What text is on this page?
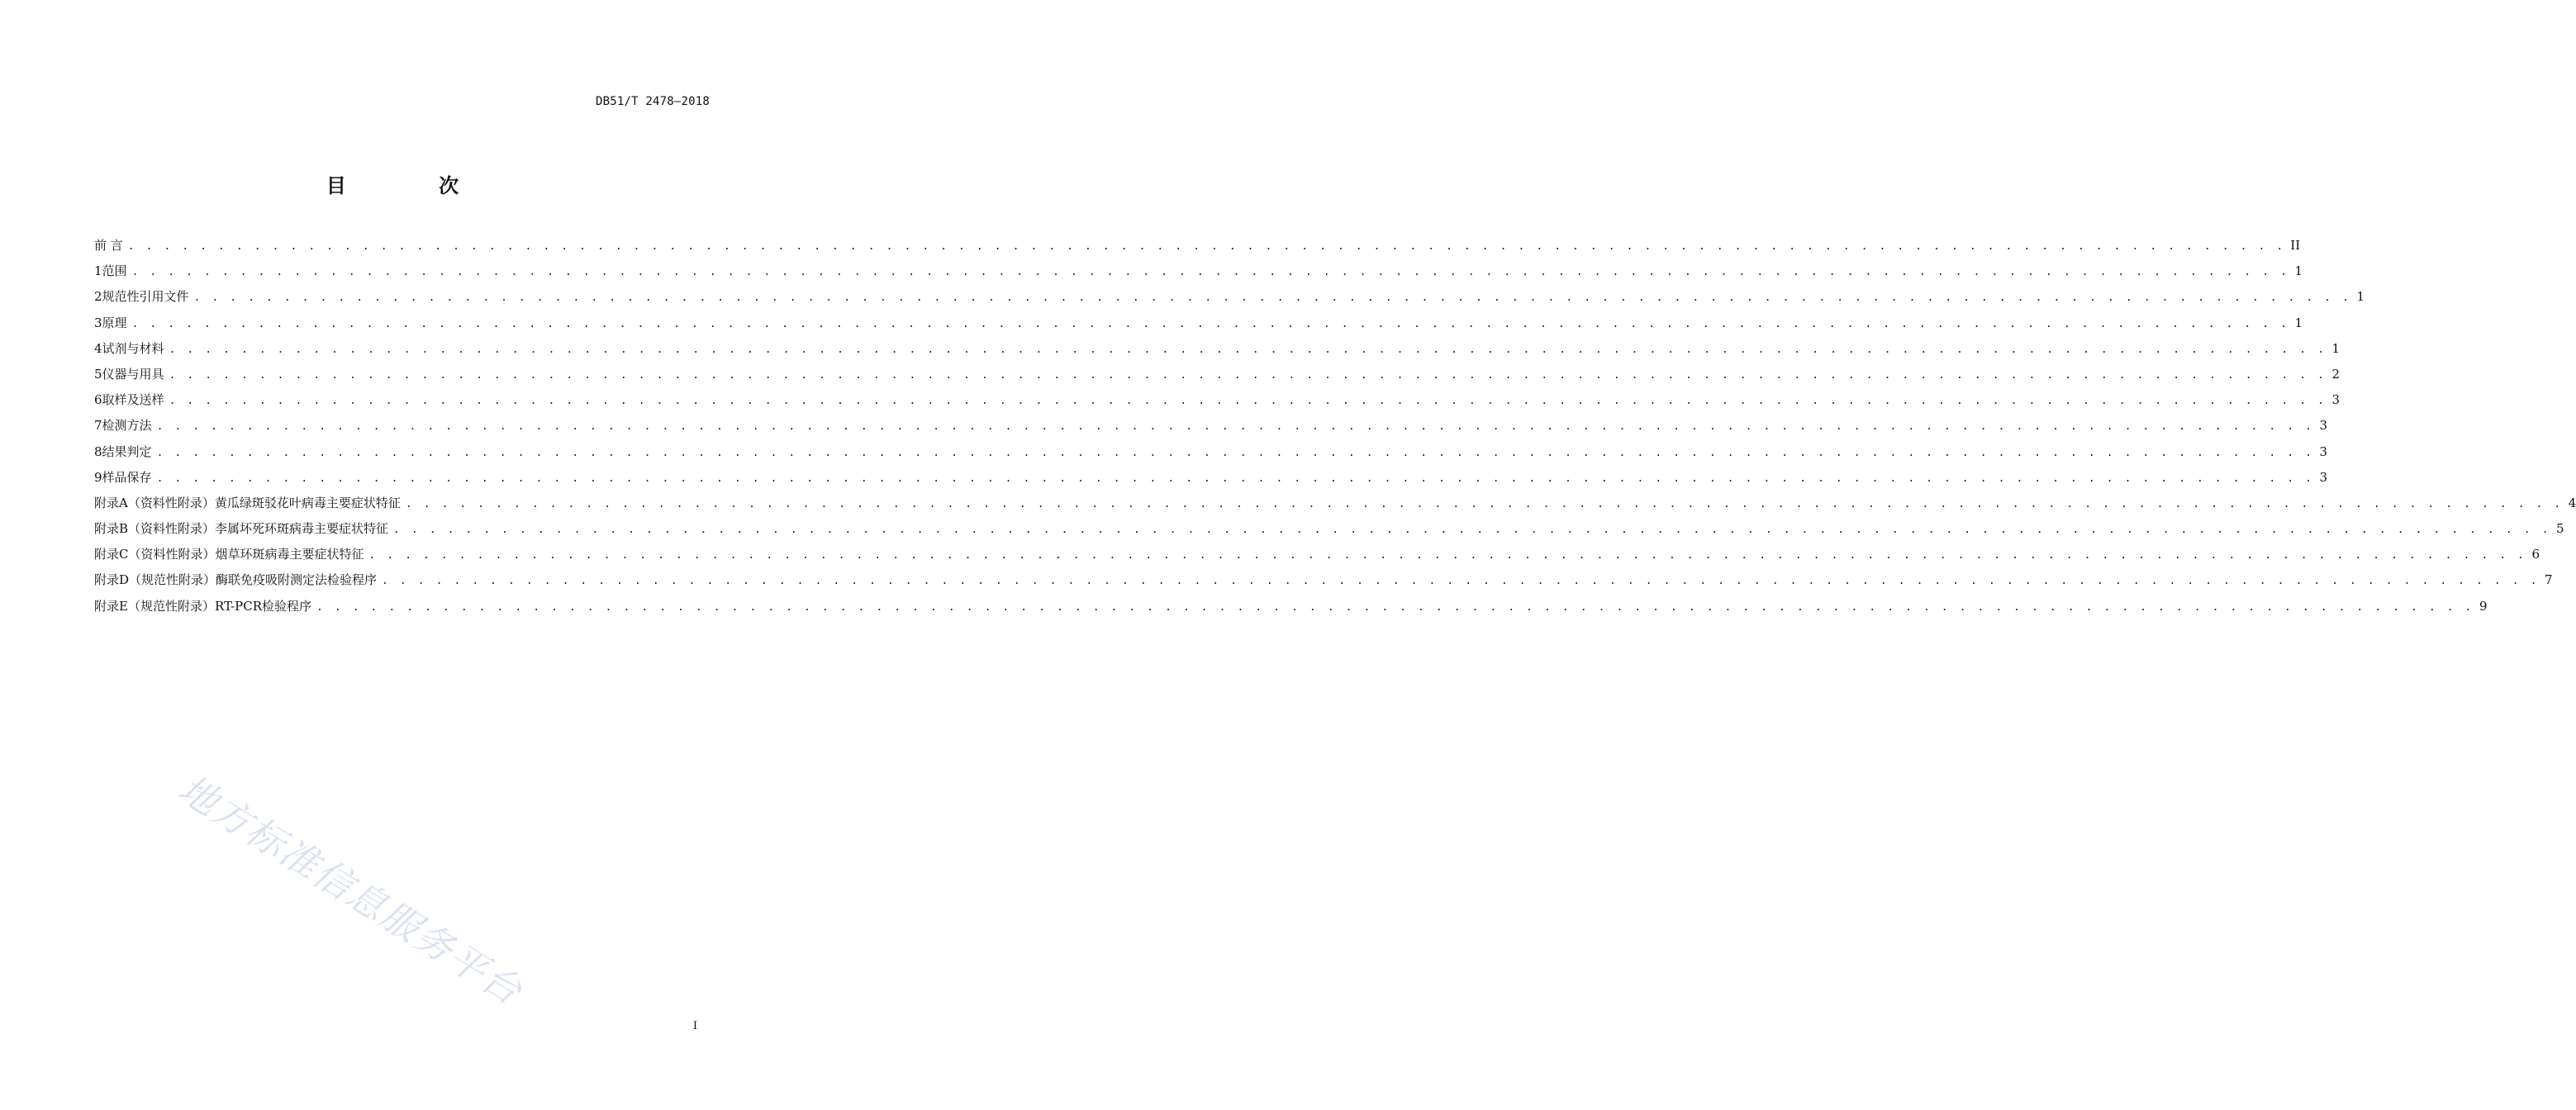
DB51/T 2478—2018
目 次
前 言 . . . . . . . . . . . . . . . . . . . . . . . . . . . . . . . . . . . . . . . . . . . . . . . . . . . . . . . . . . . . . . . . . . . . . . . . . . . . . . . . . . . . . . . . . . . . . . . . . . . . . . . . . . . . . . . . . . . . . . . . II
1 范围 . . . . . . . . . . . . . . . . . . . . . . . . . . . . . . . . . . . . . . . . . . . . . . . . . . . . . . . . . . . . . . . . . . . . . . . . . . . . . . . . . . . . . . . . . . . . . . . . . . . . . . . . . . . . . . . . . . . . . . . . 1
2 规范性引用文件 . . . . . . . . . . . . . . . . . . . . . . . . . . . . . . . . . . . . . . . . . . . . . . . . . . . . . . . . . . . . . . . . . . . . . . . . . . . . . . . . . . . . . . . . . . . . . . . . . . . . . . . . . . . . . . . . . . . . . . . . 1
3 原理 . . . . . . . . . . . . . . . . . . . . . . . . . . . . . . . . . . . . . . . . . . . . . . . . . . . . . . . . . . . . . . . . . . . . . . . . . . . . . . . . . . . . . . . . . . . . . . . . . . . . . . . . . . . . . . . . . . . . . . . . 1
4 试剂与材料 . . . . . . . . . . . . . . . . . . . . . . . . . . . . . . . . . . . . . . . . . . . . . . . . . . . . . . . . . . . . . . . . . . . . . . . . . . . . . . . . . . . . . . . . . . . . . . . . . . . . . . . . . . . . . . . . . . . . . . . . 1
5 仪器与用具 . . . . . . . . . . . . . . . . . . . . . . . . . . . . . . . . . . . . . . . . . . . . . . . . . . . . . . . . . . . . . . . . . . . . . . . . . . . . . . . . . . . . . . . . . . . . . . . . . . . . . . . . . . . . . . . . . . . . . . . . 2
6 取样及送样 . . . . . . . . . . . . . . . . . . . . . . . . . . . . . . . . . . . . . . . . . . . . . . . . . . . . . . . . . . . . . . . . . . . . . . . . . . . . . . . . . . . . . . . . . . . . . . . . . . . . . . . . . . . . . . . . . . . . . . . . 3
7 检测方法 . . . . . . . . . . . . . . . . . . . . . . . . . . . . . . . . . . . . . . . . . . . . . . . . . . . . . . . . . . . . . . . . . . . . . . . . . . . . . . . . . . . . . . . . . . . . . . . . . . . . . . . . . . . . . . . . . . . . . . . . 3
8 结果判定 . . . . . . . . . . . . . . . . . . . . . . . . . . . . . . . . . . . . . . . . . . . . . . . . . . . . . . . . . . . . . . . . . . . . . . . . . . . . . . . . . . . . . . . . . . . . . . . . . . . . . . . . . . . . . . . . . . . . . . . . 3
9 样品保存 . . . . . . . . . . . . . . . . . . . . . . . . . . . . . . . . . . . . . . . . . . . . . . . . . . . . . . . . . . . . . . . . . . . . . . . . . . . . . . . . . . . . . . . . . . . . . . . . . . . . . . . . . . . . . . . . . . . . . . . . 3
附录A（资料性附录） 黄瓜绿斑驳花叶病毒主要症状特征 . . . . . . . . . . . . . . . . . . . . . . . . . . . . . . . . . . . . . . . . . . . . . . . . . . . . . . . . . . . . . . . . . . . . . . . . . . . . . . . . . . . . . . . . . . . . . . . . . . . . . . . . . . . . . . . . . . . . . . . . 4
附录B（资料性附录） 李属坏死环斑病毒主要症状特征 . . . . . . . . . . . . . . . . . . . . . . . . . . . . . . . . . . . . . . . . . . . . . . . . . . . . . . . . . . . . . . . . . . . . . . . . . . . . . . . . . . . . . . . . . . . . . . . . . . . . . . . . . . . . . . . . . . . . . . . . 5
附录C（资料性附录） 烟草环斑病毒主要症状特征 . . . . . . . . . . . . . . . . . . . . . . . . . . . . . . . . . . . . . . . . . . . . . . . . . . . . . . . . . . . . . . . . . . . . . . . . . . . . . . . . . . . . . . . . . . . . . . . . . . . . . . . . . . . . . . . . . . . . . . . . 6
附录D（规范性附录） 酶联免疫吸附测定法检验程序 . . . . . . . . . . . . . . . . . . . . . . . . . . . . . . . . . . . . . . . . . . . . . . . . . . . . . . . . . . . . . . . . . . . . . . . . . . . . . . . . . . . . . . . . . . . . . . . . . . . . . . . . . . . . . . . . . . . . . . . . 7
附录E（规范性附录） RT-PCR检验程序 . . . . . . . . . . . . . . . . . . . . . . . . . . . . . . . . . . . . . . . . . . . . . . . . . . . . . . . . . . . . . . . . . . . . . . . . . . . . . . . . . . . . . . . . . . . . . . . . . . . . . . . . . . . . . . . . . . . . . . . . 9
I
地方标准信息服务平台
